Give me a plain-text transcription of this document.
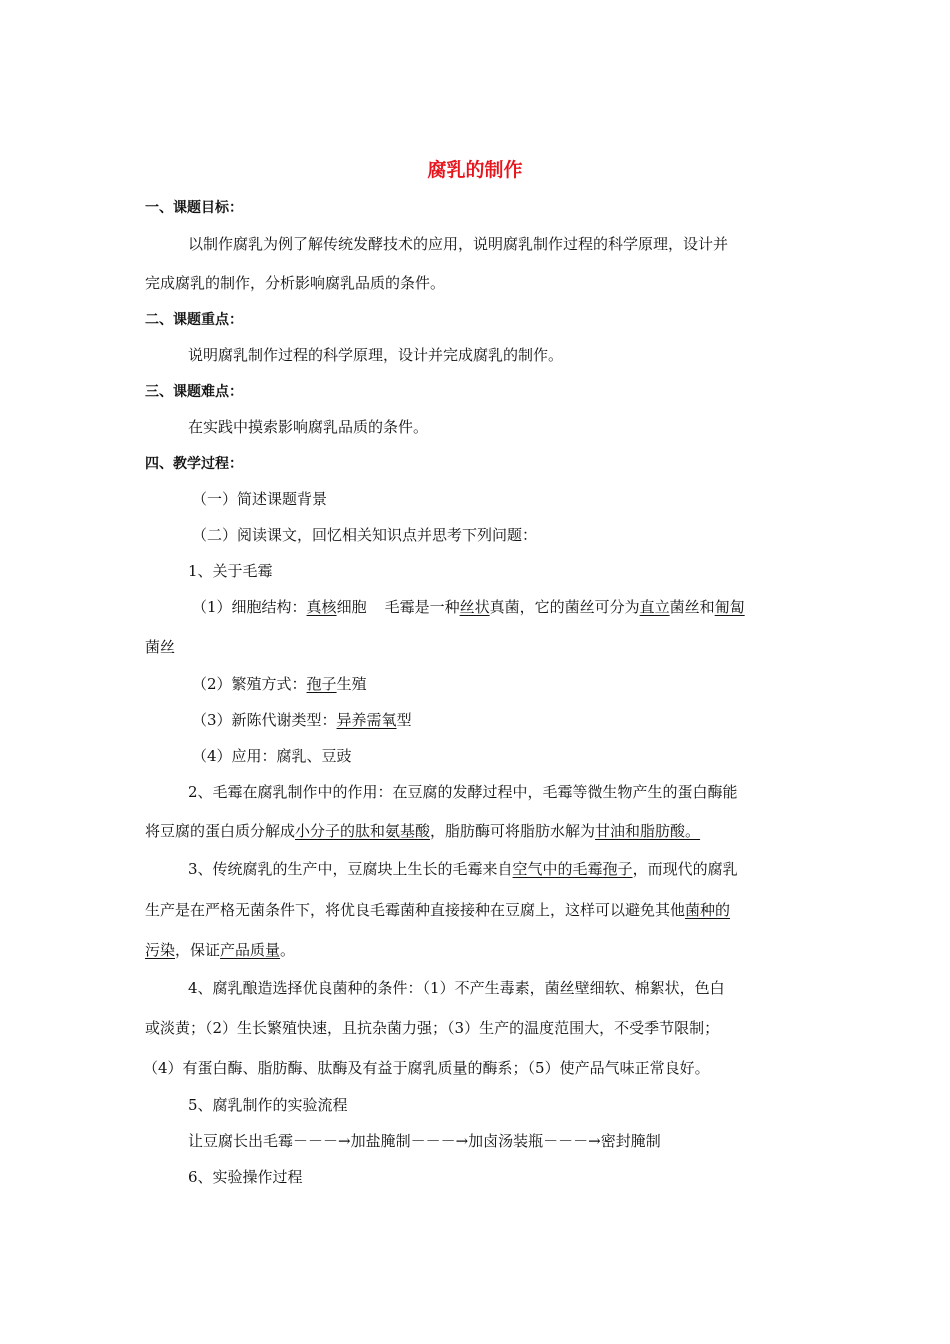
腐乳的制作
一、课题目标：
以制作腐乳为例了解传统发酵技术的应用，说明腐乳制作过程的科学原理，设计并
完成腐乳的制作，分析影响腐乳品质的条件。
二、课题重点：
说明腐乳制作过程的科学原理，设计并完成腐乳的制作。
三、课题难点：
在实践中摸索影响腐乳品质的条件。
四、教学过程：
（一）简述课题背景
（二）阅读课文，回忆相关知识点并思考下列问题：
1、关于毛霉
（1）细胞结构：真核细胞 毛霉是一种丝状真菌，它的菌丝可分为直立菌丝和匍匐
菌丝
（2）繁殖方式：孢子生殖
（3）新陈代谢类型：异养需氧型
（4）应用：腐乳、豆豉
2、毛霉在腐乳制作中的作用：在豆腐的发酵过程中，毛霉等微生物产生的蛋白酶能
将豆腐的蛋白质分解成小分子的肽和氨基酸，脂肪酶可将脂肪水解为甘油和脂肪酸。
3、传统腐乳的生产中，豆腐块上生长的毛霉来自空气中的毛霉孢子，而现代的腐乳
生产是在严格无菌条件下，将优良毛霉菌种直接接种在豆腐上，这样可以避免其他菌种的
污染，保证产品质量。
4、腐乳酿造选择优良菌种的条件：（1）不产生毒素，菌丝壁细软、棉絮状，色白
或淡黄；（2）生长繁殖快速，且抗杂菌力强；（3）生产的温度范围大，不受季节限制；
（4）有蛋白酶、脂肪酶、肽酶及有益于腐乳质量的酶系；（5）使产品气味正常良好。
5、腐乳制作的实验流程
让豆腐长出毛霉－－－→加盐腌制－－－→加卤汤装瓶－－－→密封腌制
6、实验操作过程
